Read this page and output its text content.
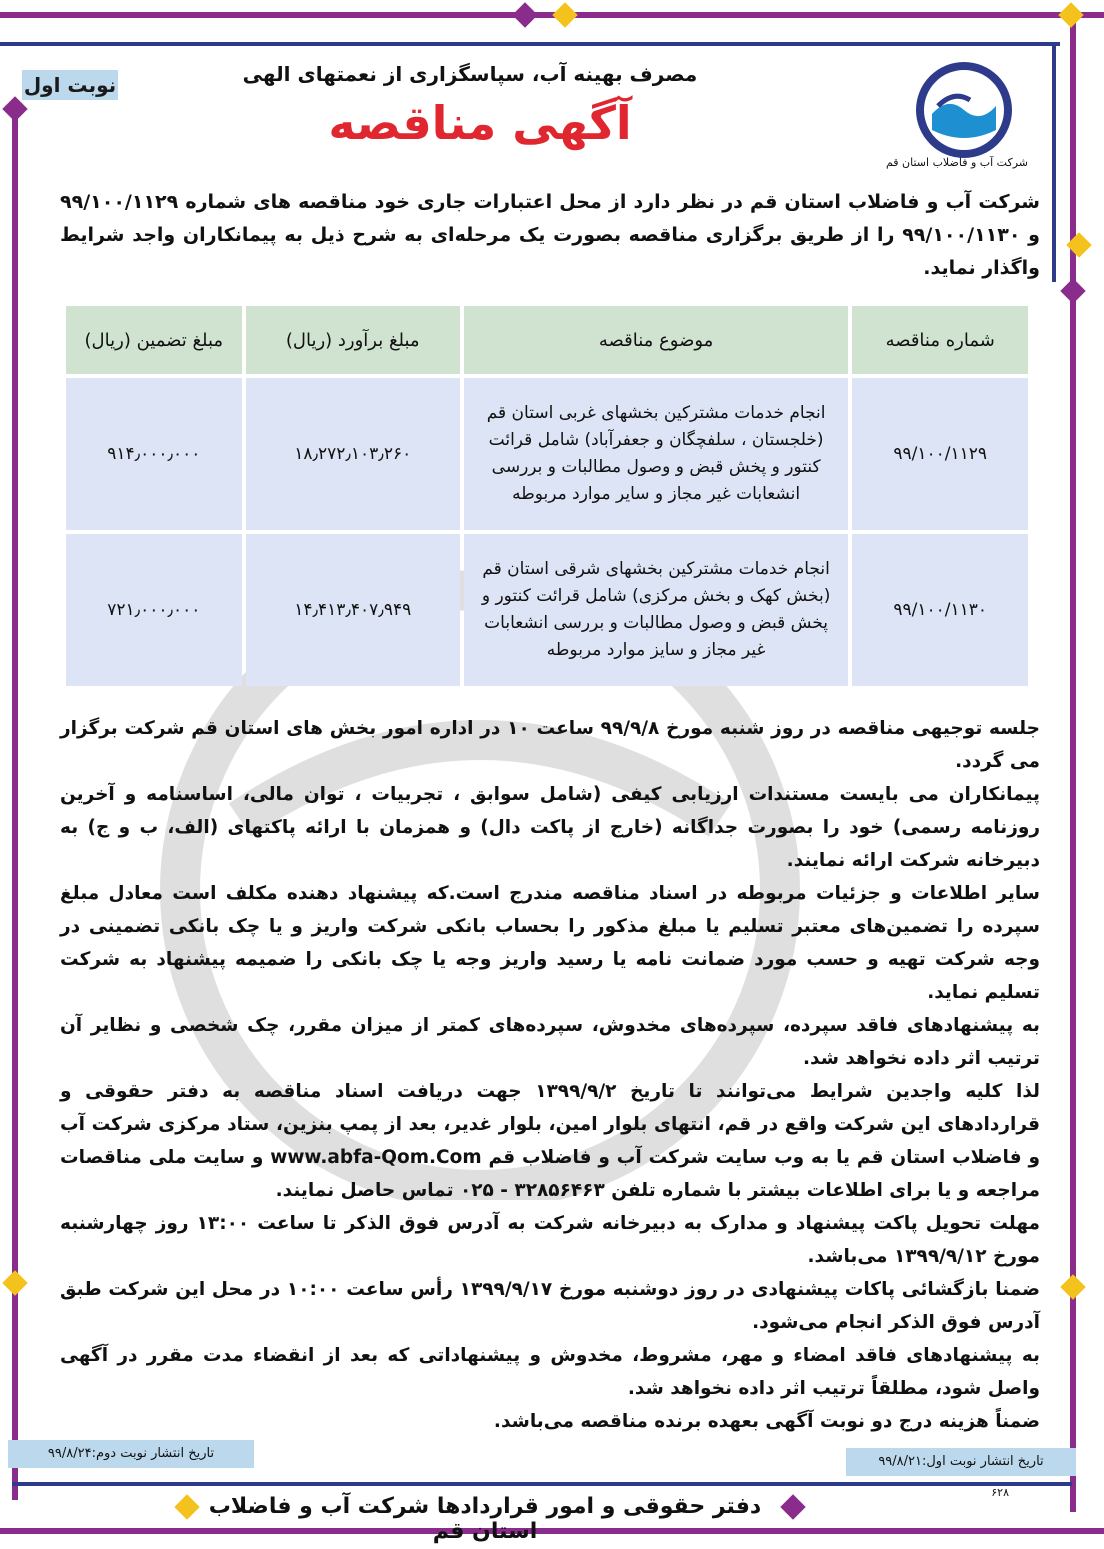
نوبت اول
شرکت آب و فاضلاب استان قم
مصرف بهینه آب، سپاسگزاری از نعمتهای الهی
آگهی مناقصه
شرکت آب و فاضلاب استان قم در نظر دارد از محل اعتبارات جاری خود مناقصه های شماره ۹۹/۱۰۰/۱۱۲۹ و ۹۹/۱۰۰/۱۱۳۰ را از طریق برگزاری مناقصه بصورت یک مرحله‌ای به شرح ذیل به پیمانکاران واجد شرایط واگذار نماید.
شماره مناقصه	موضوع مناقصه	مبلغ برآورد (ریال)	مبلغ تضمین (ریال)
۹۹/۱۰۰/۱۱۲۹	انجام خدمات مشترکین بخشهای غربی استان قم (خلجستان ، سلفچگان و جعفرآباد) شامل قرائت کنتور و پخش قبض و وصول مطالبات و بررسی انشعابات غیر مجاز و سایر موارد مربوطه	۱۸٫۲۷۲٫۱۰۳٫۲۶۰	۹۱۴٫۰۰۰٫۰۰۰
۹۹/۱۰۰/۱۱۳۰	انجام خدمات مشترکین بخشهای شرقی استان قم (بخش کهک و بخش مرکزی) شامل قرائت کنتور و پخش قبض و وصول مطالبات و بررسی انشعابات غیر مجاز و سایز موارد مربوطه	۱۴٫۴۱۳٫۴۰۷٫۹۴۹	۷۲۱٫۰۰۰٫۰۰۰

جلسه توجیهی مناقصه در روز شنبه مورخ ۹۹/۹/۸ ساعت ۱۰ در اداره امور بخش های استان قم شرکت برگزار می گردد.

پیمانکاران می بایست مستندات ارزیابی کیفی (شامل سوابق ، تجربیات ، توان مالی، اساسنامه و آخرین روزنامه رسمی) خود را بصورت جداگانه (خارج از پاکت دال) و همزمان با ارائه پاکتهای (الف، ب و ج) به دبیرخانه شرکت ارائه نمایند.

سایر اطلاعات و جزئیات مربوطه در اسناد مناقصه مندرج است.که پیشنهاد دهنده مکلف است معادل مبلغ سپرده را تضمین‌های معتبر تسلیم یا مبلغ مذکور را بحساب بانکی شرکت واریز و یا چک بانکی تضمینی در وجه شرکت تهیه و حسب مورد ضمانت نامه یا رسید واریز وجه یا چک بانکی را ضمیمه پیشنهاد به شرکت تسلیم نماید.

به پیشنهادهای فاقد سپرده، سپرده‌های مخدوش، سپرده‌های کمتر از میزان مقرر، چک شخصی و نظایر آن ترتیب اثر داده نخواهد شد.

لذا کلیه واجدین شرایط می‌توانند تا تاریخ ۱۳۹۹/۹/۲ جهت دریافت اسناد مناقصه به دفتر حقوقی و قراردادهای این شرکت واقع در قم، انتهای بلوار امین، بلوار غدیر، بعد از پمپ بنزین، ستاد مرکزی شرکت آب و فاضلاب استان قم یا به وب سایت شرکت آب و فاضلاب قم www.abfa-Qom.Com و سایت ملی مناقصات مراجعه و یا برای اطلاعات بیشتر با شماره تلفن ۳۲۸۵۶۴۶۳ - ۰۲۵ تماس حاصل نمایند.

مهلت تحویل پاکت پیشنهاد و مدارک به دبیرخانه شرکت به آدرس فوق الذکر تا ساعت ۱۳:۰۰ روز چهارشنبه مورخ ۱۳۹۹/۹/۱۲ می‌باشد.

ضمنا بازگشائی پاکات پیشنهادی در روز دوشنبه مورخ ۱۳۹۹/۹/۱۷ رأس ساعت ۱۰:۰۰ در محل این شرکت طبق آدرس فوق الذکر انجام می‌شود.

به پیشنهادهای فاقد امضاء و مهر، مشروط، مخدوش و پیشنهاداتی که بعد از انقضاء مدت مقرر در آگهی واصل شود، مطلقاً ترتیب اثر داده نخواهد شد.

ضمناً هزینه درج دو نوبت آگهی بعهده برنده مناقصه می‌باشد.

تاریخ انتشار نوبت اول:۹۹/۸/۲۱
تاریخ انتشار نوبت دوم:۹۹/۸/۲۴
۶۲۸
دفتر حقوقی و امور قراردادها شرکت آب و فاضلاب استان قم
